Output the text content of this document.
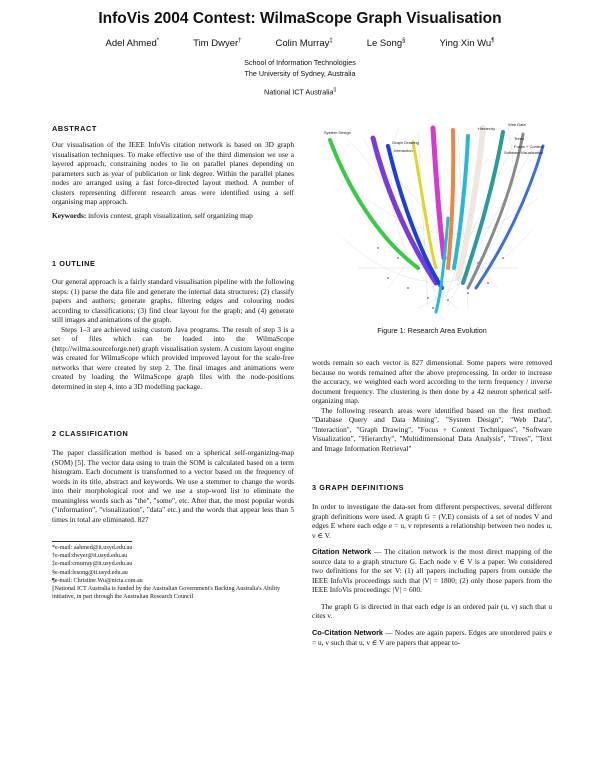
InfoVis 2004 Contest: WilmaScope Graph Visualisation
Adel Ahmed*	Tim Dwyer†	Colin Murray‡	Le Song§	Ying Xin Wu¶
School of Information Technologies
The University of Sydney, Australia
National ICT Australia||
ABSTRACT

Our visualisation of the IEEE InfoVis citation network is based on 3D graph visualisation techniques. To make effective use of the third dimension we use a layered approach, constraining nodes to lie on parallel planes depending on parameters such as year of publication or link degree. Within the parallel planes nodes are arranged using a fast force-directed layout method. A number of clusters representing different research areas were identified using a self organising map approach.

Keywords: infovis contest, graph visualization, self organizing map

1 OUTLINE

Our general approach is a fairly standard visualisation pipeline with the following steps: (1) parse the data file and generate the internal data structures; (2) classify papers and authors; generate graphs, filtering edges and colouring nodes according to classifications; (3) find clear layout for the graph; and (4) generate still images and animations of the graph.

Steps 1–3 are achieved using custom Java programs. The result of step 3 is a set of files which can be loaded into the WilmaScope (http://wilma.sourceforge.net) graph visualisation system. A custom layout engine was created for WilmaScope which provided improved layout for the scale-free networks that were created by step 2. The final images and animations were created by loading the WilmaScope graph files with the node-positions determined in step 4, into a 3D modelling package.

2 CLASSIFICATION

The paper classification method is based on a spherical self-organizing-map (SOM) [5]. The vector data using to train the SOM is calculated based on a term histogram. Each document is transformed to a vector based on the frequency of words in its title, abstract and keywords. We use a stemmer to change the words into their morphological root and we use a stop-word list to eliminate the meaningless words such as "the", "some", etc. After that, the most popular words ("information", "visualization", "data" etc.) and the words that appear less than 5 times in total are eliminated. 827

*e-mail: aahmed@it.usyd.edu.au
†e-mail:dwyer@it.usyd.edu.au
‡e-mail:cmurray@it.usyd.edu.au
§e-mail:lesong@it.usyd.edu.au
¶e-mail: Christine.Wu@nicta.com.au
||National ICT Australia is funded by the Australian Government's Backing Australia's Ability initiative, in part through the Australian Research Council
System Design
Graph Drawing
Hierarchy
Trees
Web Data
Interaction
Focus + Context
Software Visualization
Figure 1: Research Area Evolution

words remain so each vector is 827 dimensional. Some papers were removed because no words remained after the above preprocessing. In order to increase the accuracy, we weighted each word according to the term frequency / inverse document frequency. The clustering is then done by a 42 neuron spherical self-organizing map.

The following research areas were identified based on the first method: "Database Query and Data Mining", "System Design", "Web Data", "Interaction", "Graph Drawing", "Focus + Context Techniques", "Software Visualization", "Hierarchy", "Multidimensional Data Analysis", "Trees", "Text and Image Information Retrieval"

3 GRAPH DEFINITIONS

In order to investigate the data-set from different perspectives, several different graph definitions were used. A graph G = (V,E) consists of a set of nodes V and edges E where each edge e = u, v represents a relationship between two nodes u, v ∈ V.

Citation Network — The citation network is the most direct mapping of the source data to a graph structure G. Each node v ∈ V is a paper. We considered two definitions for the set V: (1) all papers including papers from outside the IEEE InfoVis proceedings such that |V| = 1800; (2) only those papers from the IEEE InfoVis proceedings: |V| = 600.

The graph G is directed in that each edge is an ordered pair (u, v) such that u cites v.

Co-Citation Network — Nodes are again papers. Edges are unordered pairs e = u, v such that u, v ∈ V are papers that appear to-
